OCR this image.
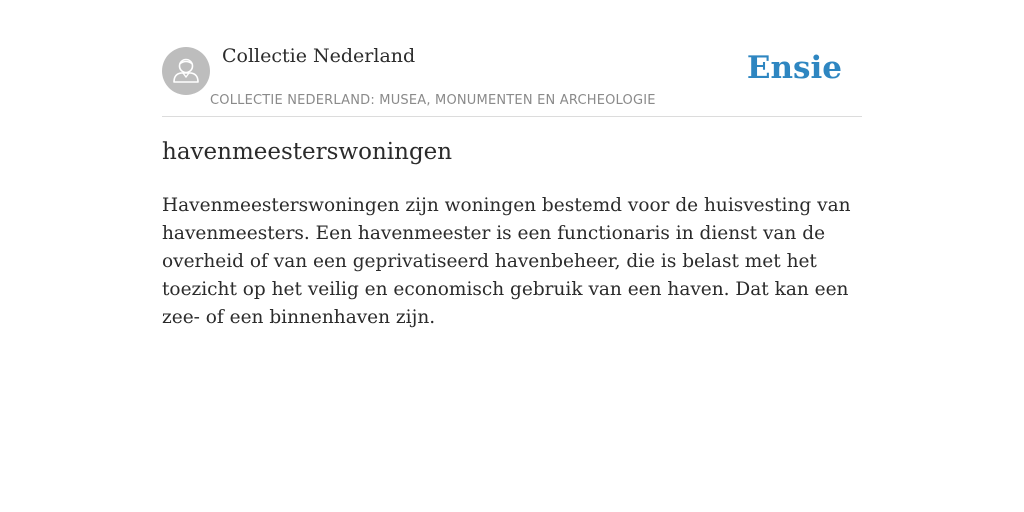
Collectie Nederland
COLLECTIE NEDERLAND: MUSEA, MONUMENTEN EN ARCHEOLOGIE
Ensie
havenmeesterswoningen

Havenmeesterswoningen zijn woningen bestemd voor de huisvesting van havenmeesters. Een havenmeester is een functionaris in dienst van de overheid of van een geprivatiseerd havenbeheer, die is belast met het toezicht op het veilig en economisch gebruik van een haven. Dat kan een zee- of een binnenhaven zijn.
